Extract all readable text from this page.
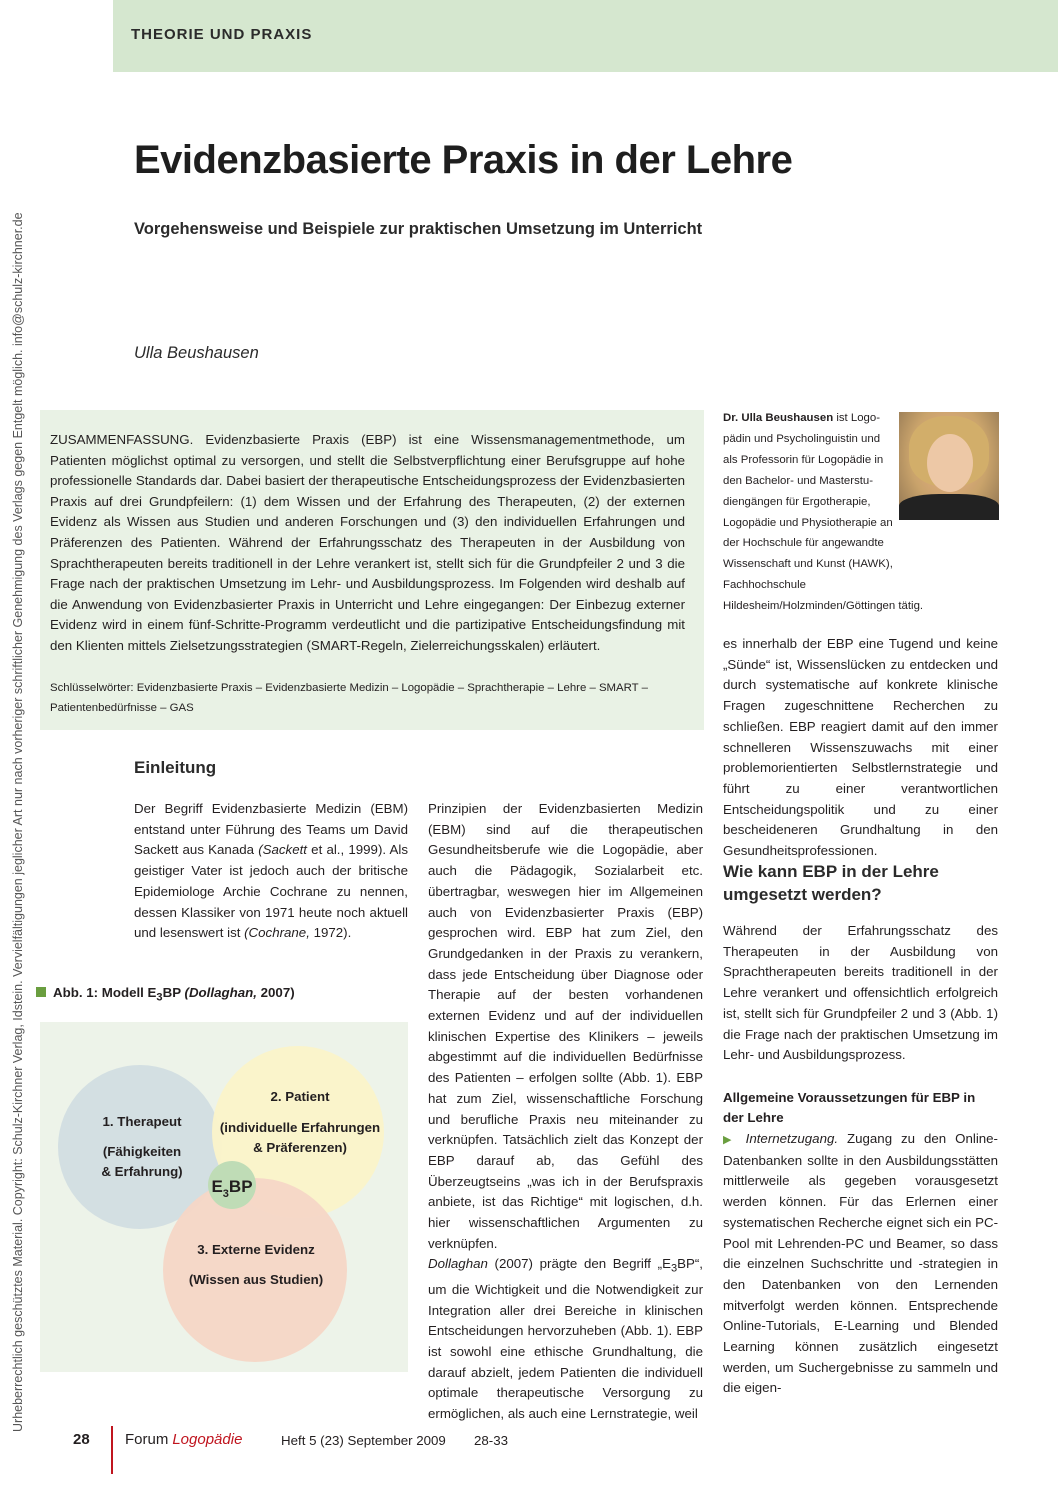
THEORIE UND PRAXIS
Urheberrechtlich geschütztes Material. Copyright: Schulz-Kirchner Verlag, Idstein. Vervielfältigungen jeglicher Art nur nach vorheriger schriftlicher Genehmigung des Verlags gegen Entgelt möglich. info@schulz-kirchner.de
Evidenzbasierte Praxis in der Lehre
Vorgehensweise und Beispiele zur praktischen Umsetzung im Unterricht
Ulla Beushausen
ZUSAMMENFASSUNG. Evidenzbasierte Praxis (EBP) ist eine Wissensmanagementmethode, um Patienten möglichst optimal zu versorgen, und stellt die Selbstverpflichtung einer Berufsgruppe auf hohe professionelle Standards dar. Dabei basiert der therapeutische Entscheidungsprozess der Evidenzbasierten Praxis auf drei Grundpfeilern: (1) dem Wissen und der Erfahrung des Therapeuten, (2) der externen Evidenz als Wissen aus Studien und anderen Forschungen und (3) den individuellen Erfahrungen und Präferenzen des Patienten. Während der Erfahrungsschatz des Therapeuten in der Ausbildung von Sprachtherapeuten bereits traditionell in der Lehre verankert ist, stellt sich für die Grundpfeiler 2 und 3 die Frage nach der praktischen Umsetzung im Lehr- und Ausbildungsprozess. Im Folgenden wird deshalb auf die Anwendung von Evidenzbasierter Praxis in Unterricht und Lehre eingegangen: Der Einbezug externer Evidenz wird in einem fünf-Schritte-Programm verdeutlicht und die partizipative Entscheidungsfindung mit den Klienten mittels Zielsetzungsstrategien (SMART-Regeln, Zielerreichungsskalen) erläutert.
Schlüsselwörter: Evidenzbasierte Praxis – Evidenzbasierte Medizin – Logopädie – Sprachtherapie – Lehre – SMART – Patientenbedürfnisse – GAS
Dr. Ulla Beushausen ist Logo-
pädin und Psycholinguistin und
als Professorin für Logopädie in
den Bachelor- und Masterstu-
diengängen für Ergotherapie,
Logopädie und Physiotherapie an
der Hochschule für angewandte
Wissenschaft und Kunst (HAWK), Fachhochschule
Hildesheim/Holzminden/Göttingen tätig.
Einleitung

Der Begriff Evidenzbasierte Medizin (EBM) entstand unter Führung des Teams um David Sackett aus Kanada (Sackett et al., 1999). Als geistiger Vater ist jedoch auch der britische Epidemiologe Archie Cochrane zu nennen, dessen Klassiker von 1971 heute noch aktuell und lesenswert ist (Cochrane, 1972).

Prinzipien der Evidenzbasierten Medizin (EBM) sind auf die therapeutischen Gesundheitsberufe wie die Logopädie, aber auch die Pädagogik, Sozialarbeit etc. übertragbar, weswegen hier im Allgemeinen auch von Evidenzbasierter Praxis (EBP) gesprochen wird. EBP hat zum Ziel, den Grundgedanken in der Praxis zu verankern, dass jede Entscheidung über Diagnose oder Therapie auf der besten vorhandenen externen Evidenz und auf der individuellen klinischen Expertise des Klinikers – jeweils abgestimmt auf die individuellen Bedürfnisse des Patienten – erfolgen sollte (Abb. 1). EBP hat zum Ziel, wissenschaftliche Forschung und berufliche Praxis neu miteinander zu verknüpfen. Tatsächlich zielt das Konzept der EBP darauf ab, das Gefühl des Überzeugtseins „was ich in der Berufspraxis anbiete, ist das Richtige“ mit logischen, d.h. hier wissenschaftlichen Argumenten zu verknüpfen.

Dollaghan (2007) prägte den Begriff $„E_3BP“$, um die Wichtigkeit und die Notwendigkeit zur Integration aller drei Bereiche in klinischen Entscheidungen hervorzuheben (Abb. 1). EBP ist sowohl eine ethische Grundhaltung, die darauf abzielt, jedem Patienten die individuell optimale therapeutische Versorgung zu ermöglichen, als auch eine Lernstrategie, weil

es innerhalb der EBP eine Tugend und keine „Sünde“ ist, Wissenslücken zu entdecken und durch systematische auf konkrete klinische Fragen zugeschnittene Recherchen zu schließen. EBP reagiert damit auf den immer schnelleren Wissenszuwachs mit einer problemorientierten Selbstlernstrategie und führt zu einer verantwortlichen Entscheidungspolitik und zu einer bescheideneren Grundhaltung in den Gesundheitsprofessionen.

Wie kann EBP in der Lehre umgesetzt werden?

Während der Erfahrungsschatz des Therapeuten in der Ausbildung von Sprachtherapeuten bereits traditionell in der Lehre verankert und offensichtlich erfolgreich ist, stellt sich für Grundpfeiler 2 und 3 (Abb. 1) die Frage nach der praktischen Umsetzung im Lehr- und Ausbildungsprozess.

Allgemeine Voraussetzungen für EBP in der Lehre

▶ Internetzugang. Zugang zu den Online-Datenbanken sollte in den Ausbildungsstätten mittlerweile als gegeben vorausgesetzt werden können. Für das Erlernen einer systematischen Recherche eignet sich ein PC-Pool mit Lehrenden-PC und Beamer, so dass die einzelnen Suchschritte und -strategien in den Datenbanken von den Lernenden mitverfolgt werden können. Entsprechende Online-Tutorials, E-Learning und Blended Learning können zusätzlich eingesetzt werden, um Suchergebnisse zu sammeln und die eigen-

Abb. 1: Modell $E_3BP$ (Dollaghan, 2007)
1. Therapeut
(Fähigkeiten
& Erfahrung)
2. Patient
(individuelle Erfahrungen
& Präferenzen)
3. Externe Evidenz
(Wissen aus Studien)
$E_3BP$
28 Forum Logopädie	Heft 5 (23) September 2009 28-33
